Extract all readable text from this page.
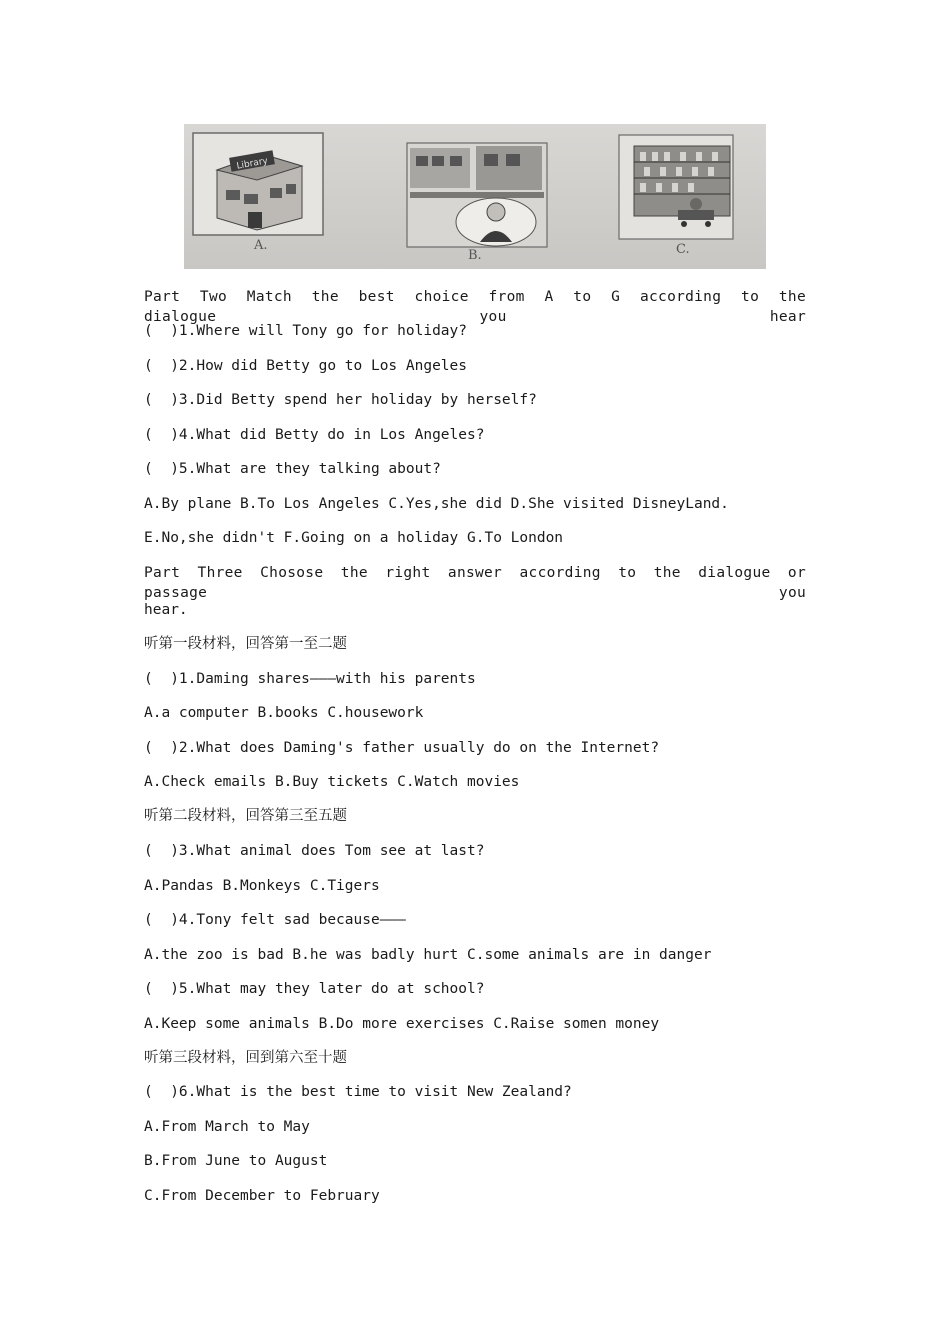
Library
A.
B.	C.
Part Two Match the best choice from A to G according to the dialogue you hear
(  )1.Where will Tony go for holiday?
(  )2.How did Betty go to Los Angeles
(  )3.Did Betty spend her holiday by herself?
(  )4.What did Betty do in Los Angeles?
(  )5.What are they talking about?
A.By plane B.To Los Angeles C.Yes,she did D.She visited DisneyLand.
E.No,she didn't F.Going on a holiday G.To London
Part Three Chosose the right answer according to the dialogue or passage you
hear.
听第一段材料，回答第一至二题
(  )1.Daming shares———with his parents
A.a computer B.books C.housework
(  )2.What does Daming's father usually do on the Internet?
A.Check emails B.Buy tickets C.Watch movies
听第二段材料，回答第三至五题
(  )3.What animal does Tom see at last?
A.Pandas B.Monkeys C.Tigers
(  )4.Tony felt sad because———
A.the zoo is bad B.he was badly hurt C.some animals are in danger
(  )5.What may they later do at school?
A.Keep some animals B.Do more exercises C.Raise somen money
听第三段材料，回到第六至十题
(  )6.What is the best time to visit New Zealand?
A.From March to May
B.From June to August
C.From December to February
